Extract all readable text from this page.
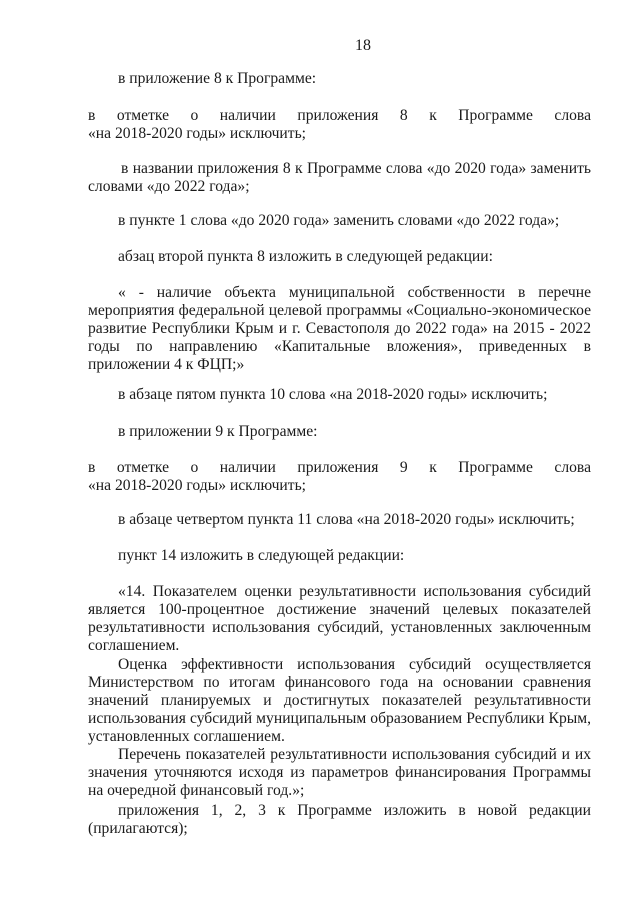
18

в приложение 8 к Программе:

в отметке о наличии приложения 8 к Программе слова

«на 2018-2020 годы» исключить;

в названии приложения 8 к Программе слова «до 2020 года» заменить словами «до 2022 года»;

в пункте 1 слова «до 2020 года» заменить словами «до 2022 года»;

абзац второй пункта 8 изложить в следующей редакции:

« - наличие объекта муниципальной собственности в перечне мероприятия федеральной целевой программы «Социально-экономическое развитие Республики Крым и г. Севастополя до 2022 года» на 2015 - 2022 годы по направлению «Капитальные вложения», приведенных в приложении 4 к ФЦП;»

в абзаце пятом пункта 10 слова «на 2018-2020 годы» исключить;

в приложении 9 к Программе:

в отметке о наличии приложения 9 к Программе слова

«на 2018-2020 годы» исключить;

в абзаце четвертом пункта 11 слова «на 2018-2020 годы» исключить;

пункт 14 изложить в следующей редакции:

«14. Показателем оценки результативности использования субсидий является 100-процентное достижение значений целевых показателей результативности использования субсидий, установленных заключенным соглашением.

Оценка эффективности использования субсидий осуществляется Министерством по итогам финансового года на основании сравнения значений планируемых и достигнутых показателей результативности использования субсидий муниципальным образованием Республики Крым, установленных соглашением.

Перечень показателей результативности использования субсидий и их значения уточняются исходя из параметров финансирования Программы на очередной финансовый год.»;

приложения 1, 2, 3 к Программе изложить в новой редакции (прилагаются);
